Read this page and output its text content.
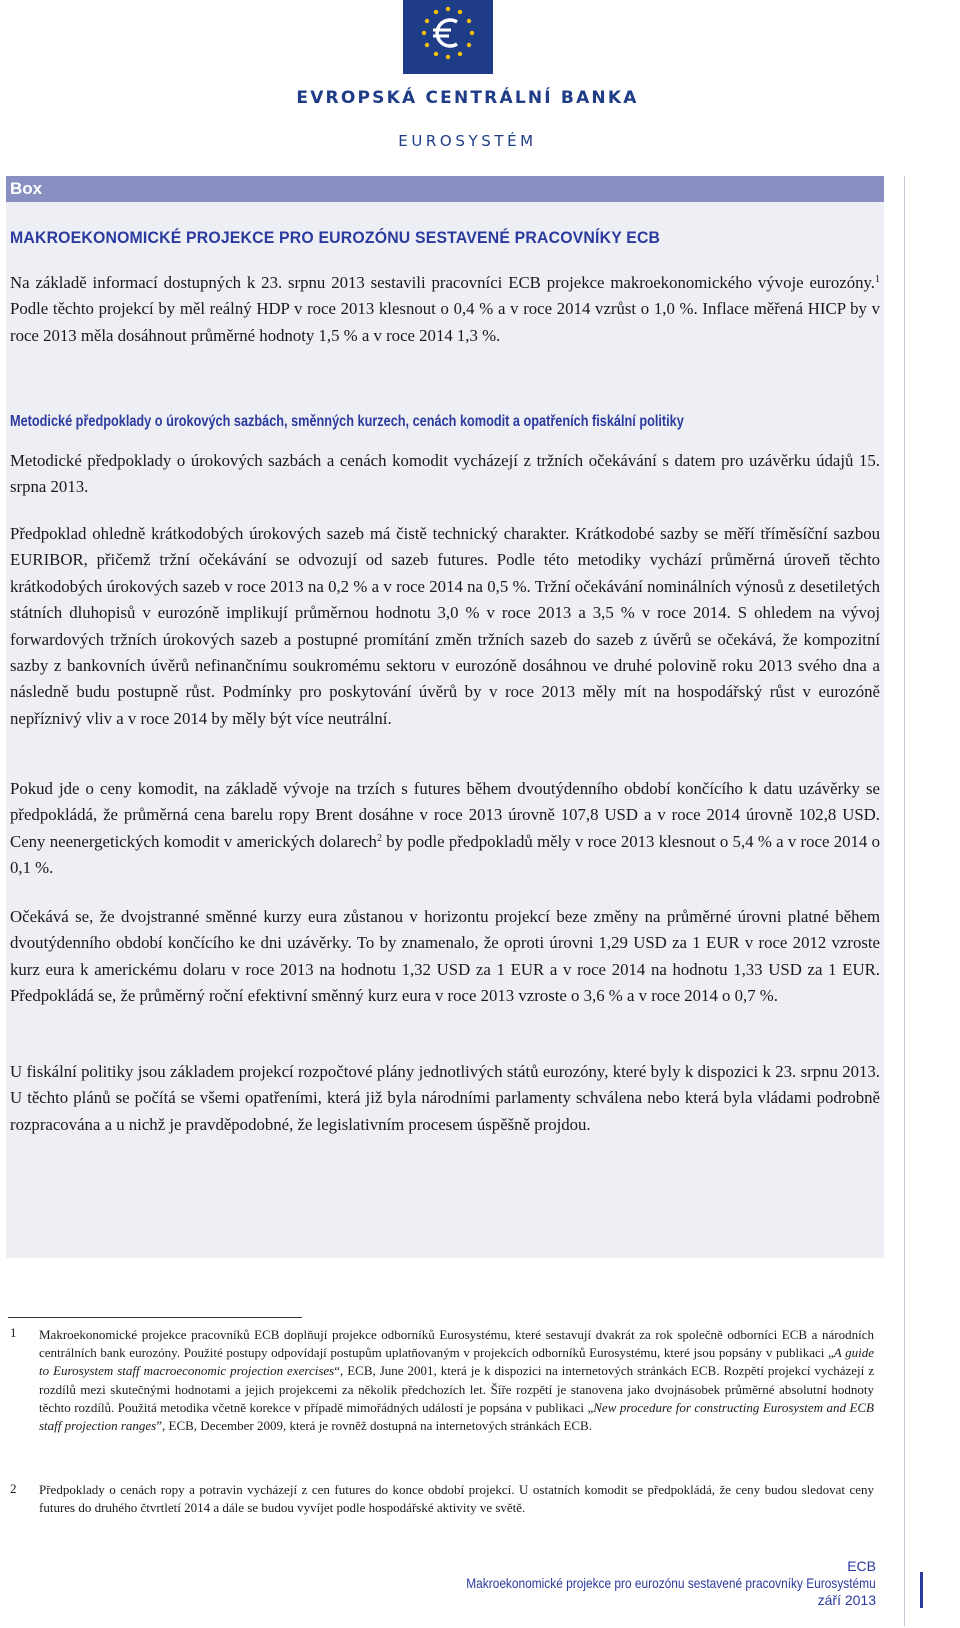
EVROPSKÁ CENTRÁLNÍ BANKA
EUROSYSTÉM
Box
MAKROEKONOMICKÉ PROJEKCE PRO EUROZÓNU SESTAVENÉ PRACOVNÍKY ECB

Na základě informací dostupných k 23. srpnu 2013 sestavili pracovníci ECB projekce makroekonomického vývoje eurozóny.$^1$ Podle těchto projekcí by měl reálný HDP v roce 2013 klesnout o 0,4 % a v roce 2014 vzrůst o 1,0 %. Inflace měřená HICP by v roce 2013 měla dosáhnout průměrné hodnoty 1,5 % a v roce 2014 1,3 %.

Metodické předpoklady o úrokových sazbách, směnných kurzech, cenách komodit a opatřeních fiskální politiky

Metodické předpoklady o úrokových sazbách a cenách komodit vycházejí z tržních očekávání s datem pro uzávěrku údajů 15. srpna 2013.

Předpoklad ohledně krátkodobých úrokových sazeb má čistě technický charakter. Krátkodobé sazby se měří tříměsíční sazbou EURIBOR, přičemž tržní očekávání se odvozují od sazeb futures. Podle této metodiky vychází průměrná úroveň těchto krátkodobých úrokových sazeb v roce 2013 na 0,2 % a v roce 2014 na 0,5 %. Tržní očekávání nominálních výnosů z desetiletých státních dluhopisů v eurozóně implikují průměrnou hodnotu 3,0 % v roce 2013 a 3,5 % v roce 2014. S ohledem na vývoj forwardových tržních úrokových sazeb a postupné promítání změn tržních sazeb do sazeb z úvěrů se očekává, že kompozitní sazby z bankovních úvěrů nefinančnímu soukromému sektoru v eurozóně dosáhnou ve druhé polovině roku 2013 svého dna a následně budu postupně růst. Podmínky pro poskytování úvěrů by v roce 2013 měly mít na hospodářský růst v eurozóně nepříznivý vliv a v roce 2014 by měly být více neutrální.

Pokud jde o ceny komodit, na základě vývoje na trzích s futures během dvoutýdenního období končícího k datu uzávěrky se předpokládá, že průměrná cena barelu ropy Brent dosáhne v roce 2013 úrovně 107,8 USD a v roce 2014 úrovně 102,8 USD. Ceny neenergetických komodit v amerických dolarech$^2$ by podle předpokladů měly v roce 2013 klesnout o 5,4 % a v roce 2014 o 0,1 %.

Očekává se, že dvojstranné směnné kurzy eura zůstanou v horizontu projekcí beze změny na průměrné úrovni platné během dvoutýdenního období končícího ke dni uzávěrky. To by znamenalo, že oproti úrovni 1,29 USD za 1 EUR v roce 2012 vzroste kurz eura k americkému dolaru v roce 2013 na hodnotu 1,32 USD za 1 EUR a v roce 2014 na hodnotu 1,33 USD za 1 EUR. Předpokládá se, že průměrný roční efektivní směnný kurz eura v roce 2013 vzroste o 3,6 % a v roce 2014 o 0,7 %.

U fiskální politiky jsou základem projekcí rozpočtové plány jednotlivých států eurozóny, které byly k dispozici k 23. srpnu 2013. U těchto plánů se počítá se všemi opatřeními, která již byla národními parlamenty schválena nebo která byla vládami podrobně rozpracována a u nichž je pravděpodobné, že legislativním procesem úspěšně projdou.

1 Makroekonomické projekce pracovníků ECB doplňují projekce odborníků Eurosystému, které sestavují dvakrát za rok společně odborníci ECB a národních centrálních bank eurozóny. Použité postupy odpovídají postupům uplatňovaným v projekcích odborníků Eurosystému, které jsou popsány v publikaci „A guide to Eurosystem staff macroeconomic projection exercises“, ECB, June 2001, která je k dispozici na internetových stránkách ECB. Rozpětí projekcí vycházejí z rozdílů mezi skutečnými hodnotami a jejich projekcemi za několik předchozích let. Šíře rozpětí je stanovena jako dvojnásobek průměrné absolutní hodnoty těchto rozdílů. Použitá metodika včetně korekce v případě mimořádných událostí je popsána v publikaci „New procedure for constructing Eurosystem and ECB staff projection ranges”, ECB, December 2009, která je rovněž dostupná na internetových stránkách ECB.

2 Předpoklady o cenách ropy a potravin vycházejí z cen futures do konce období projekcí. U ostatních komodit se předpokládá, že ceny budou sledovat ceny futures do druhého čtvrtletí 2014 a dále se budou vyvíjet podle hospodářské aktivity ve světě.

ECB
Makroekonomické projekce pro eurozónu sestavené pracovníky Eurosystému
září 2013
